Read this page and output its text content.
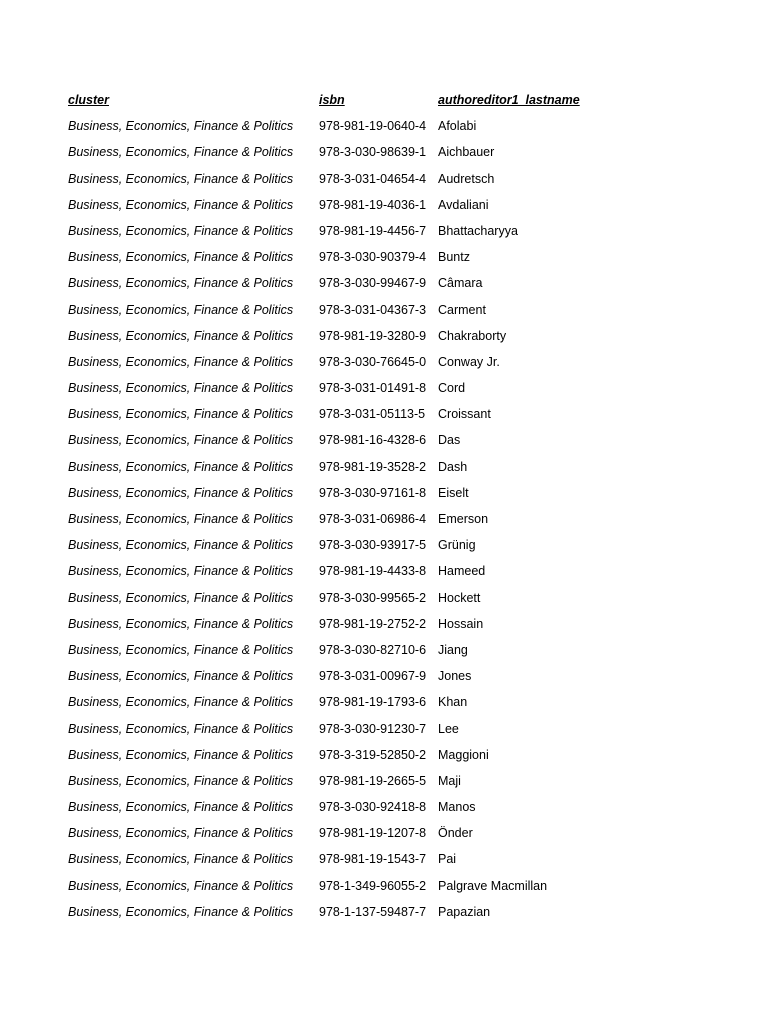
cluster	isbn	authoreditor1_lastname
Business, Economics, Finance & Politics 978-981-19-0640-4 Afolabi
Business, Economics, Finance & Politics 978-3-030-98639-1 Aichbauer
Business, Economics, Finance & Politics 978-3-031-04654-4 Audretsch
Business, Economics, Finance & Politics 978-981-19-4036-1 Avdaliani
Business, Economics, Finance & Politics 978-981-19-4456-7 Bhattacharyya
Business, Economics, Finance & Politics 978-3-030-90379-4 Buntz
Business, Economics, Finance & Politics 978-3-030-99467-9 Câmara
Business, Economics, Finance & Politics 978-3-031-04367-3 Carment
Business, Economics, Finance & Politics 978-981-19-3280-9 Chakraborty
Business, Economics, Finance & Politics 978-3-030-76645-0 Conway Jr.
Business, Economics, Finance & Politics 978-3-031-01491-8 Cord
Business, Economics, Finance & Politics 978-3-031-05113-5 Croissant
Business, Economics, Finance & Politics 978-981-16-4328-6 Das
Business, Economics, Finance & Politics 978-981-19-3528-2 Dash
Business, Economics, Finance & Politics 978-3-030-97161-8 Eiselt
Business, Economics, Finance & Politics 978-3-031-06986-4 Emerson
Business, Economics, Finance & Politics 978-3-030-93917-5 Grünig
Business, Economics, Finance & Politics 978-981-19-4433-8 Hameed
Business, Economics, Finance & Politics 978-3-030-99565-2 Hockett
Business, Economics, Finance & Politics 978-981-19-2752-2 Hossain
Business, Economics, Finance & Politics 978-3-030-82710-6 Jiang
Business, Economics, Finance & Politics 978-3-031-00967-9 Jones
Business, Economics, Finance & Politics 978-981-19-1793-6 Khan
Business, Economics, Finance & Politics 978-3-030-91230-7 Lee
Business, Economics, Finance & Politics 978-3-319-52850-2 Maggioni
Business, Economics, Finance & Politics 978-981-19-2665-5 Maji
Business, Economics, Finance & Politics 978-3-030-92418-8 Manos
Business, Economics, Finance & Politics 978-981-19-1207-8 Önder
Business, Economics, Finance & Politics 978-981-19-1543-7 Pai
Business, Economics, Finance & Politics 978-1-349-96055-2 Palgrave Macmillan
Business, Economics, Finance & Politics 978-1-137-59487-7 Papazian
